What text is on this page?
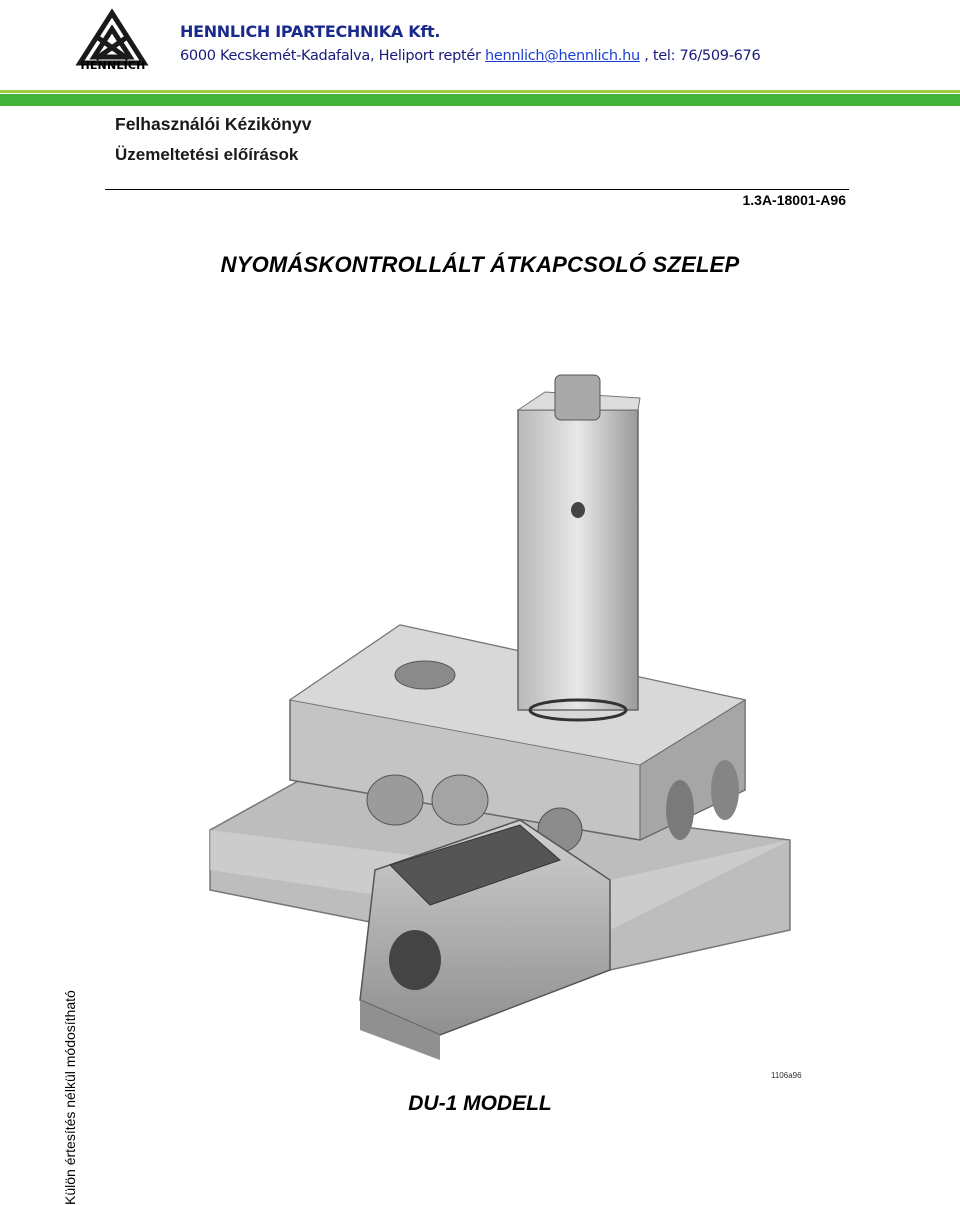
HENNLICH
HENNLICH IPARTECHNIKA Kft.
6000 Kecskemét-Kadafalva, Heliport reptér hennlich@hennlich.hu , tel: 76/509-676
Felhasználói Kézikönyv
Üzemeltetési előírások
1.3A-18001-A96
NYOMÁSKONTROLLÁLT ÁTKAPCSOLÓ SZELEP
1106a96
DU-1 MODELL
Külön értesítés nélkül módosítható
